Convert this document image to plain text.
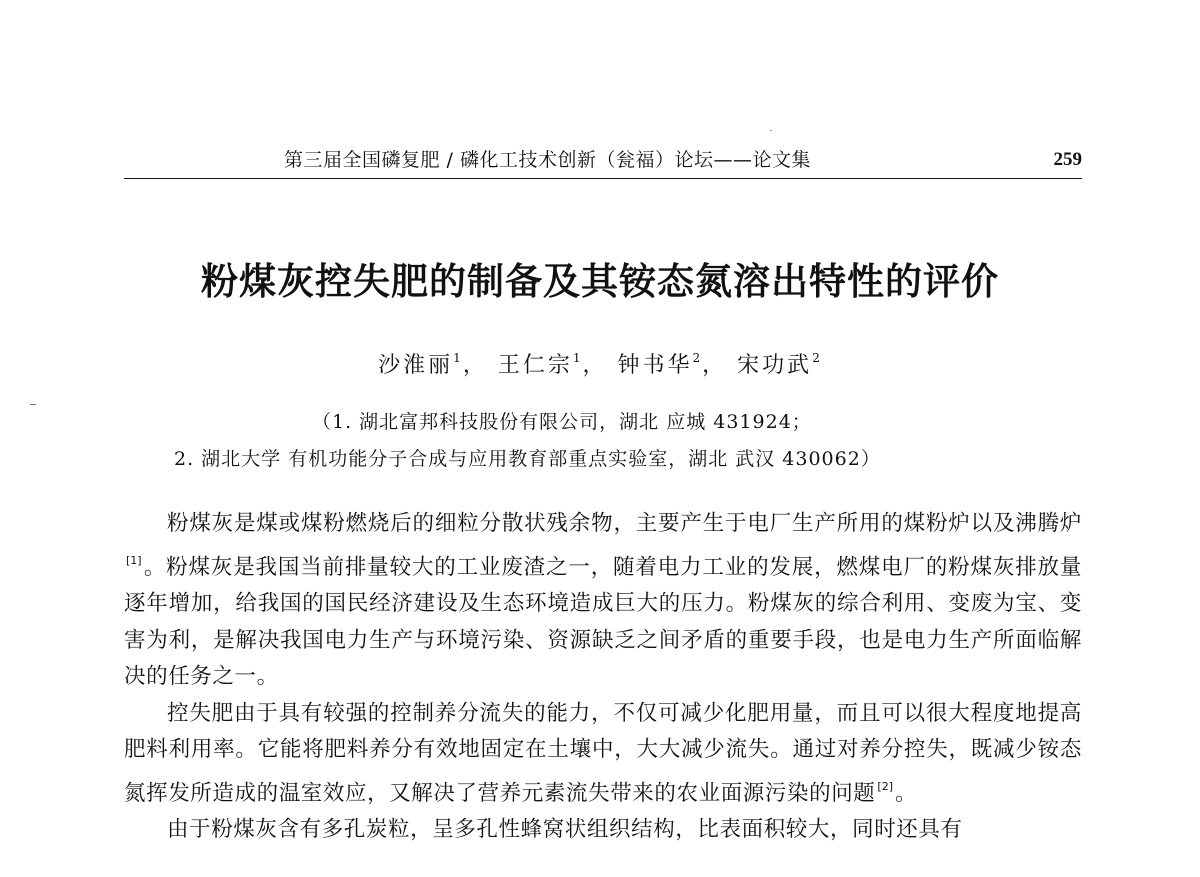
第三届全国磷复肥 / 磷化工技术创新（瓮福）论坛——论文集	259
粉煤灰控失肥的制备及其铵态氮溶出特性的评价
沙淮丽$^1$， 王仁宗$^1$， 钟书华$^2$， 宋功武$^2$
（1. 湖北富邦科技股份有限公司，湖北 应城 431924；
2. 湖北大学 有机功能分子合成与应用教育部重点实验室，湖北 武汉 430062）

粉煤灰是煤或煤粉燃烧后的细粒分散状残余物，主要产生于电厂生产所用的煤粉炉以及沸腾炉[1]。粉煤灰是我国当前排量较大的工业废渣之一，随着电力工业的发展，燃煤电厂的粉煤灰排放量逐年增加，给我国的国民经济建设及生态环境造成巨大的压力。粉煤灰的综合利用、变废为宝、变害为利，是解决我国电力生产与环境污染、资源缺乏之间矛盾的重要手段，也是电力生产所面临解决的任务之一。

控失肥由于具有较强的控制养分流失的能力，不仅可减少化肥用量，而且可以很大程度地提高肥料利用率。它能将肥料养分有效地固定在土壤中，大大减少流失。通过对养分控失，既减少铵态氮挥发所造成的温室效应，又解决了营养元素流失带来的农业面源污染的问题 [2]。

由于粉煤灰含有多孔炭粒，呈多孔性蜂窝状组织结构，比表面积较大，同时还具有
